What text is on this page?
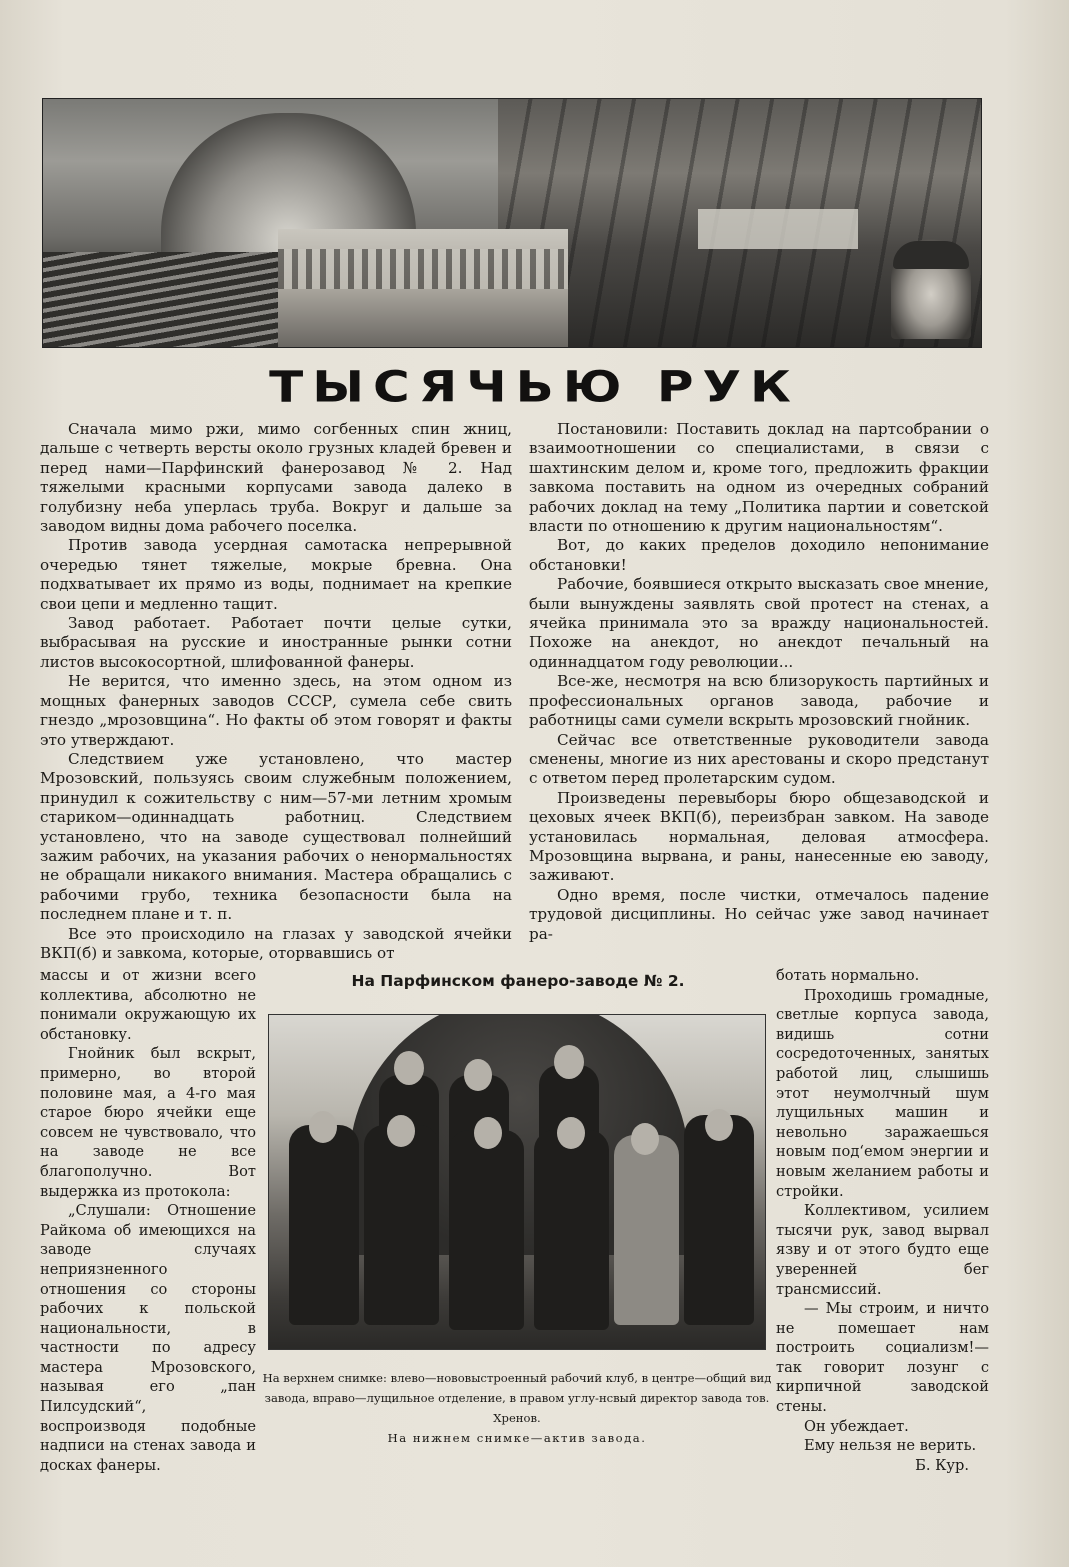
ТЫСЯЧЬЮ РУК

Сначала мимо ржи, мимо согбенных спин жниц, дальше с четверть версты около грузных кладей бревен и перед нами—Парфинский фанерозавод № 2. Над тяжелыми красными корпусами завода далеко в голубизну неба уперлась труба. Вокруг и дальше за заводом видны дома рабочего поселка.

Против завода усердная самотаска непрерывной очередью тянет тяжелые, мокрые бревна. Она подхватывает их прямо из воды, поднимает на крепкие свои цепи и медленно тащит.

Завод работает. Работает почти целые сутки, выбрасывая на русские и иностранные рынки сотни листов высокосортной, шлифованной фанеры.

Не верится, что именно здесь, на этом одном из мощных фанерных заводов СССР, сумела себе свить гнездо „мрозовщина“. Но факты об этом говорят и факты это утверждают.

Следствием уже установлено, что мастер Мрозовский, пользуясь своим служебным положением, принудил к сожительству с ним—57-ми летним хромым стариком—одиннадцать работниц. Следствием установлено, что на заводе существовал полнейший зажим рабочих, на указания рабочих о ненормальностях не обращали никакого внимания. Мастера обращались с рабочими грубо, техника безопасности была на последнем плане и т. п.

Все это происходило на глазах у заводской ячейки ВКП(б) и завкома, которые, оторвавшись от

Постановили: Поставить доклад на партсобрании о взаимоотношении со специалистами, в связи с шахтинским делом и, кроме того, предложить фракции завкома поставить на одном из очередных собраний рабочих доклад на тему „Политика партии и советской власти по отношению к другим национальностям“.

Вот, до каких пределов доходило непонимание обстановки!

Рабочие, боявшиеся открыто высказать свое мнение, были вынуждены заявлять свой протест на стенах, а ячейка принимала это за вражду национальностей. Похоже на анекдот, но анекдот печальный на одиннадцатом году революции...

Все-же, несмотря на всю близорукость партийных и профессиональных органов завода, рабочие и работницы сами сумели вскрыть мрозовский гнойник.

Сейчас все ответственные руководители завода сменены, многие из них арестованы и скоро предстанут с ответом перед пролетарским судом.

Произведены перевыборы бюро общезаводской и цеховых ячеек ВКП(б), переизбран завком. На заводе установилась нормальная, деловая атмосфера. Мрозовщина вырвана, и раны, нанесенные ею заводу, заживают.

Одно время, после чистки, отмечалось падение трудовой дисциплины. Но сейчас уже завод начинает ра-

массы и от жизни всего коллектива, абсолютно не понимали окружающую их обстановку.

Гнойник был вскрыт, примерно, во второй половине мая, а 4-го мая старое бюро ячейки еще совсем не чувствовало, что на заводе не все благополучно. Вот выдержка из протокола:

„Слушали: Отношение Райкома об имеющихся на заводе случаях неприязненного отношения со стороны рабочих к польской национальности, в частности по адресу мастера Мрозовского, называя его „пан Пилсудский“, воспроизводя подобные надписи на стенах завода и досках фанеры.

На Парфинском фанеро-заводе № 2.	ботать нормально.

Проходишь громадные, светлые корпуса завода, видишь сотни сосредоточенных, занятых работой лиц, слышишь этот неумолчный шум лущильных машин и невольно заражаешься новым под‘емом энергии и новым желанием работы и стройки.

Коллективом, усилием тысячи рук, завод вырвал язву и от этого будто еще уверенней бег трансмиссий.

— Мы строим, и ничто не помешает нам построить социализм!— так говорит лозунг с кирпичной заводской стены.

Он убеждает.

Ему нельзя не верить.

Б. Кур.

На верхнем снимке: влево—нововыстроенный рабочий клуб, в центре—общий вид завода, вправо—лущильное отделение, в правом углу-нсвый директор завода тов. Хренов.
На нижнем снимке—актив завода.
